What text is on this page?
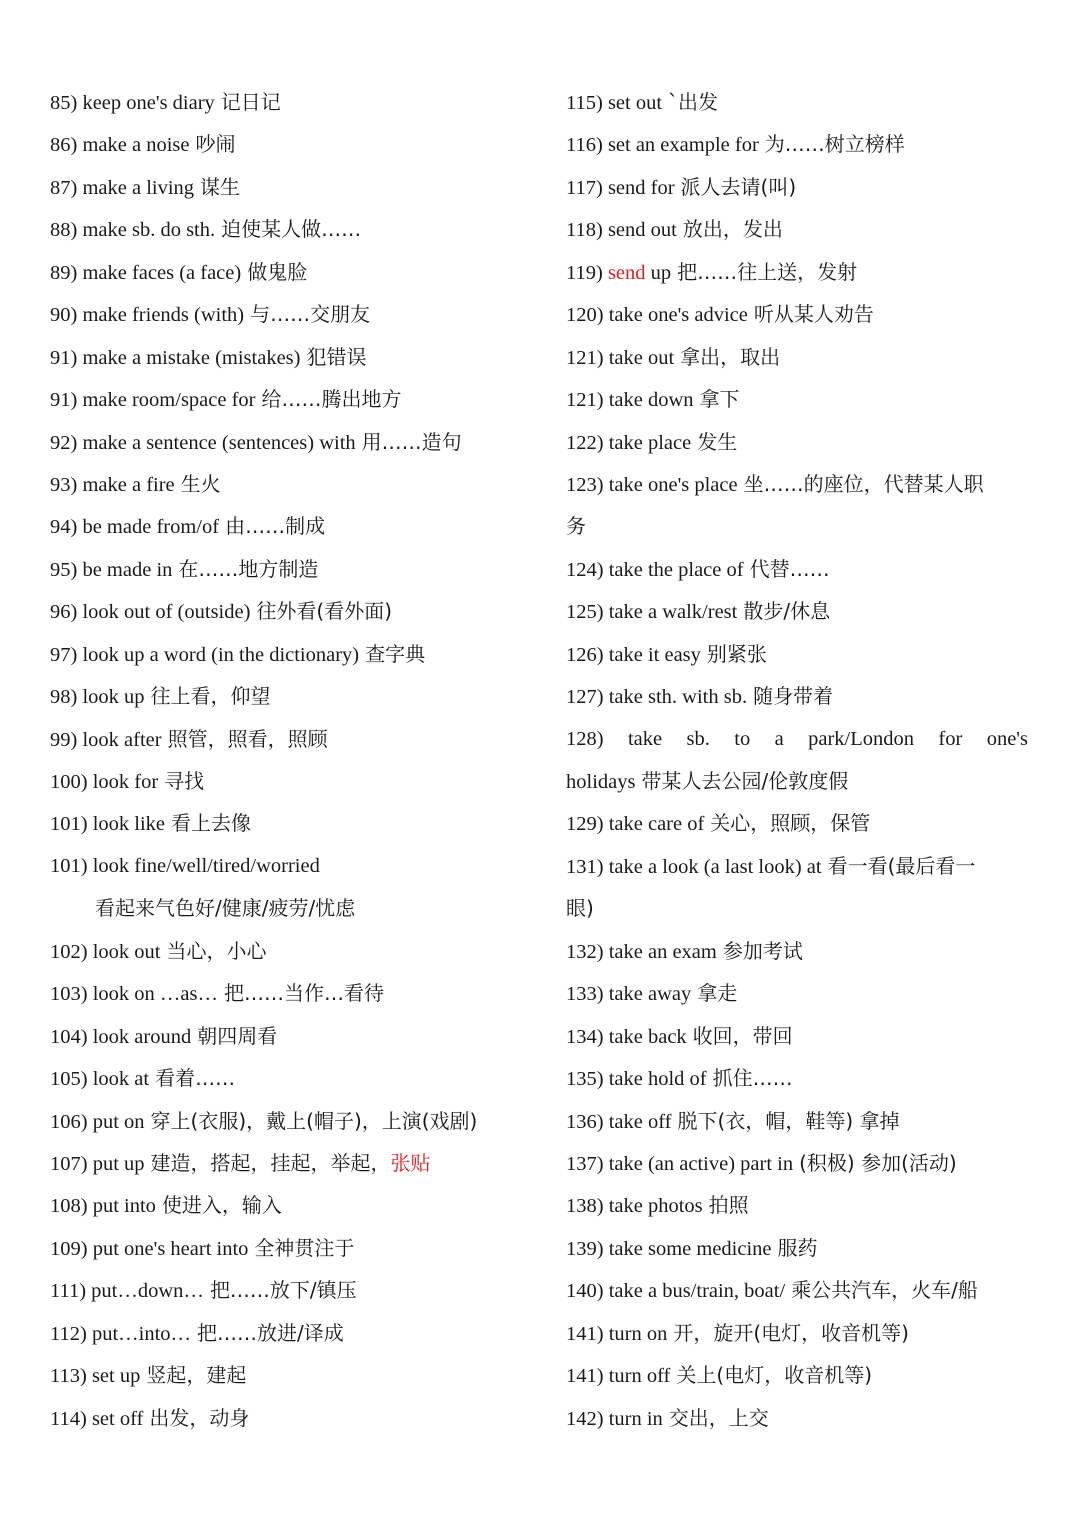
85) keep one's diary 记日记
86) make a noise 吵闹
87) make a living 谋生
88) make sb. do sth. 迫使某人做……
89) make faces (a face) 做鬼脸
90) make friends (with) 与……交朋友
91) make a mistake (mistakes) 犯错误
91) make room/space for 给……腾出地方
92) make a sentence (sentences) with 用……造句
93) make a fire 生火
94) be made from/of 由……制成
95) be made in 在……地方制造
96) look out of (outside) 往外看(看外面)
97) look up a word (in the dictionary) 查字典
98) look up 往上看，仰望
99) look after 照管，照看，照顾
100) look for 寻找
101) look like 看上去像
101) look fine/well/tired/worried
看起来气色好/健康/疲劳/忧虑
102) look out 当心，小心
103) look on …as… 把……当作…看待
104) look around 朝四周看
105) look at 看着……
106) put on 穿上(衣服)，戴上(帽子)，上演(戏剧)
107) put up 建造，搭起，挂起，举起，张贴
108) put into 使进入，输入
109) put one's heart into 全神贯注于
111) put…down… 把……放下/镇压
112) put…into… 把……放进/译成
113) set up 竖起，建起
114) set off 出发，动身
115) set out `出发
116) set an example for 为……树立榜样
117) send for 派人去请(叫)
118) send out 放出，发出
119) send up 把……往上送，发射
120) take one's advice 听从某人劝告
121) take out 拿出，取出
121) take down 拿下
122) take place 发生
123) take one's place 坐……的座位，代替某人职
务
124) take the place of 代替……
125) take a walk/rest 散步/休息
126) take it easy 别紧张
127) take sth. with sb. 随身带着
128) take sb. to a park/London for one's
holidays 带某人去公园/伦敦度假
129) take care of 关心，照顾，保管
131) take a look (a last look) at 看一看(最后看一
眼)
132) take an exam 参加考试
133) take away 拿走
134) take back 收回，带回
135) take hold of 抓住……
136) take off 脱下(衣，帽，鞋等) 拿掉
137) take (an active) part in (积极) 参加(活动)
138) take photos 拍照
139) take some medicine 服药
140) take a bus/train, boat/ 乘公共汽车，火车/船
141) turn on 开，旋开(电灯，收音机等)
141) turn off 关上(电灯，收音机等)
142) turn in 交出，上交
